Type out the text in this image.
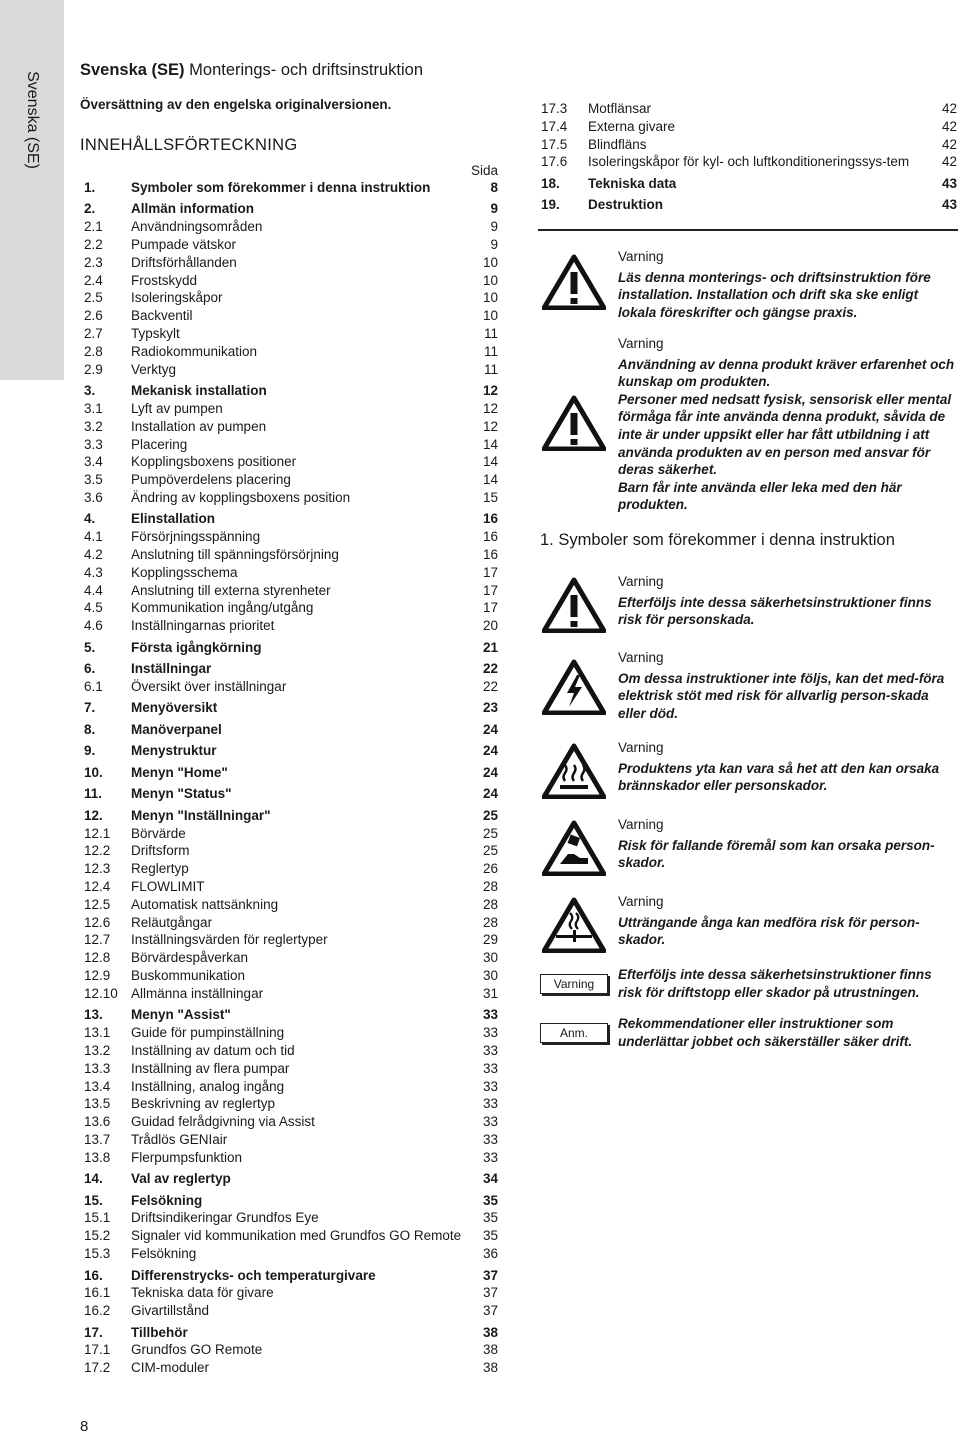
Svenska (SE)
Svenska (SE) Monterings- och driftsinstruktion
Översättning av den engelska originalversionen.
INNEHÅLLSFÖRTECKNING
Sida
1.	Symboler som förekommer i denna instruktion	8
2.	Allmän information	9
2.1	Användningsområden	9
2.2	Pumpade vätskor	9
2.3	Driftsförhållanden	10
2.4	Frostskydd	10
2.5	Isoleringskåpor	10
2.6	Backventil	10
2.7	Typskylt	11
2.8	Radiokommunikation	11
2.9	Verktyg	11
3.	Mekanisk installation	12
3.1	Lyft av pumpen	12
3.2	Installation av pumpen	12
3.3	Placering	14
3.4	Kopplingsboxens positioner	14
3.5	Pumpöverdelens placering	14
3.6	Ändring av kopplingsboxens position	15
4.	Elinstallation	16
4.1	Försörjningsspänning	16
4.2	Anslutning till spänningsförsörjning	16
4.3	Kopplingsschema	17
4.4	Anslutning till externa styrenheter	17
4.5	Kommunikation ingång/utgång	17
4.6	Inställningarnas prioritet	20
5.	Första igångkörning	21
6.	Inställningar	22
6.1	Översikt över inställningar	22
7.	Menyöversikt	23
8.	Manöverpanel	24
9.	Menystruktur	24
10.	Menyn "Home"	24
11.	Menyn "Status"	24
12.	Menyn "Inställningar"	25
12.1	Börvärde	25
12.2	Driftsform	25
12.3	Reglertyp	26
12.4	FLOWLIMIT	28
12.5	Automatisk nattsänkning	28
12.6	Reläutgångar	28
12.7	Inställningsvärden för reglertyper	29
12.8	Börvärdespåverkan	30
12.9	Buskommunikation	30
12.10 Allmänna inställningar	31
13.	Menyn "Assist"	33
13.1	Guide för pumpinställning	33
13.2	Inställning av datum och tid	33
13.3	Inställning av flera pumpar	33
13.4	Inställning, analog ingång	33
13.5	Beskrivning av reglertyp	33
13.6	Guidad felrådgivning via Assist	33
13.7	Trådlös GENIair	33
13.8	Flerpumpsfunktion	33
14.	Val av reglertyp	34
15.	Felsökning	35
15.1	Driftsindikeringar Grundfos Eye	35
15.2	Signaler vid kommunikation med Grundfos GO Remote	35
15.3	Felsökning	36
16.	Differenstrycks- och temperaturgivare	37
16.1	Tekniska data för givare	37
16.2	Givartillstånd	37
17.	Tillbehör	38
17.1	Grundfos GO Remote	38
17.2	CIM-moduler	38
17.3	Motflänsar	42
17.4	Externa givare	42
17.5	Blindfläns	42
17.6	Isoleringskåpor för kyl- och luftkonditioneringssys-tem	42
18.	Tekniska data	43
19.	Destruktion	43
Varning
Läs denna monterings- och driftsinstruktion före installation. Installation och drift ska ske enligt lokala föreskrifter och gängse praxis.
Varning
Användning av denna produkt kräver erfarenhet och kunskap om produkten.
Personer med nedsatt fysisk, sensorisk eller mental förmåga får inte använda denna produkt, såvida de inte är under uppsikt eller har fått utbildning i att använda produkten av en person med ansvar för deras säkerhet.
Barn får inte använda eller leka med den här produkten.
1. Symboler som förekommer i denna instruktion
Varning
Efterföljs inte dessa säkerhetsinstruktioner finns risk för personskada.
Varning
Om dessa instruktioner inte följs, kan det med-föra elektrisk stöt med risk för allvarlig person-skada eller död.
Varning
Produktens yta kan vara så het att den kan orsaka brännskador eller personskador.
Varning
Risk för fallande föremål som kan orsaka person-skador.
Varning
Utträngande ånga kan medföra risk för person-skador.
Varning
Efterföljs inte dessa säkerhetsinstruktioner finns risk för driftstopp eller skador på utrustningen.
Anm.
Rekommendationer eller instruktioner som underlättar jobbet och säkerställer säker drift.
8
